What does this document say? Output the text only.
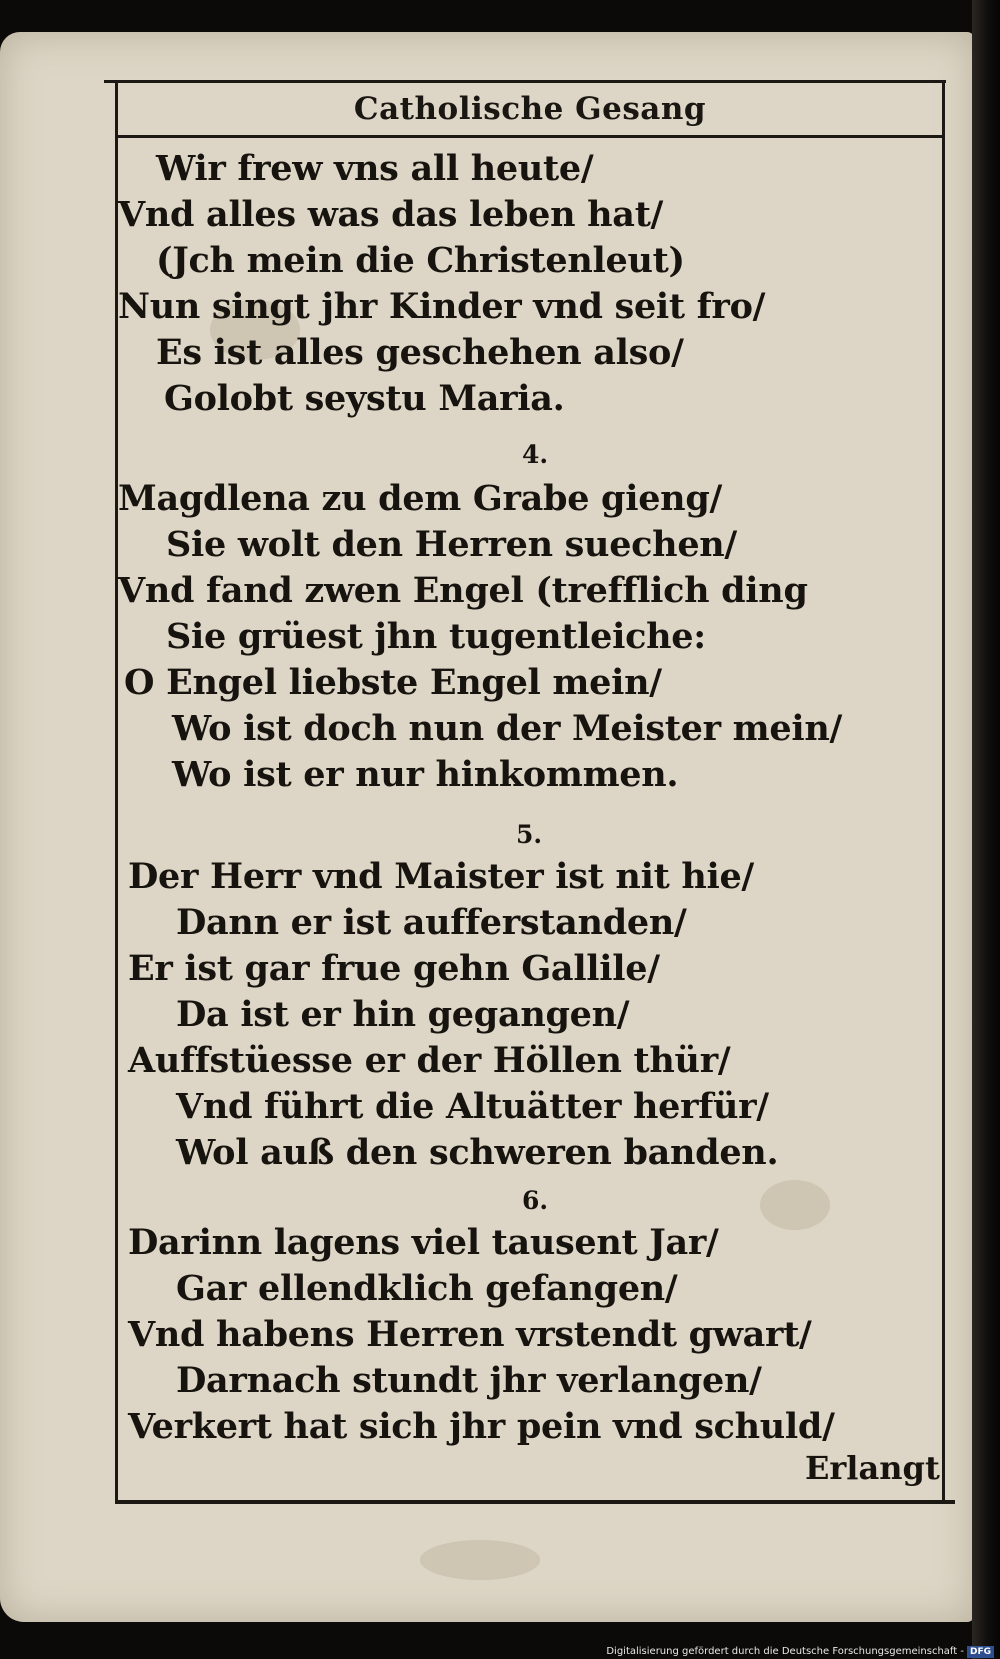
Catholische Gesang
Wir frew vns all heute/
Vnd alles was das leben hat/
(Jch mein die Christenleut)
Nun singt jhr Kinder vnd seit fro/
Es ist alles geschehen also/
Golobt seystu Maria.
4.
Magdlena zu dem Grabe gieng/
Sie wolt den Herren suechen/
Vnd fand zwen Engel (trefflich ding
Sie grüest jhn tugentleiche:
O Engel liebste Engel mein/
Wo ist doch nun der Meister mein/
Wo ist er nur hinkommen.
5.
Der Herr vnd Maister ist nit hie/
Dann er ist aufferstanden/
Er ist gar frue gehn Gallile/
Da ist er hin gegangen/
Auffstüesse er der Höllen thür/
Vnd führt die Altuätter herfür/
Wol auß den schweren banden.
6.
Darinn lagens viel tausent Jar/
Gar ellendklich gefangen/
Vnd habens Herren vrstendt gwart/
Darnach stundt jhr verlangen/
Verkert hat sich jhr pein vnd schuld/
Erlangt
Digitalisierung gefördert durch die Deutsche Forschungsgemeinschaft - DFG
